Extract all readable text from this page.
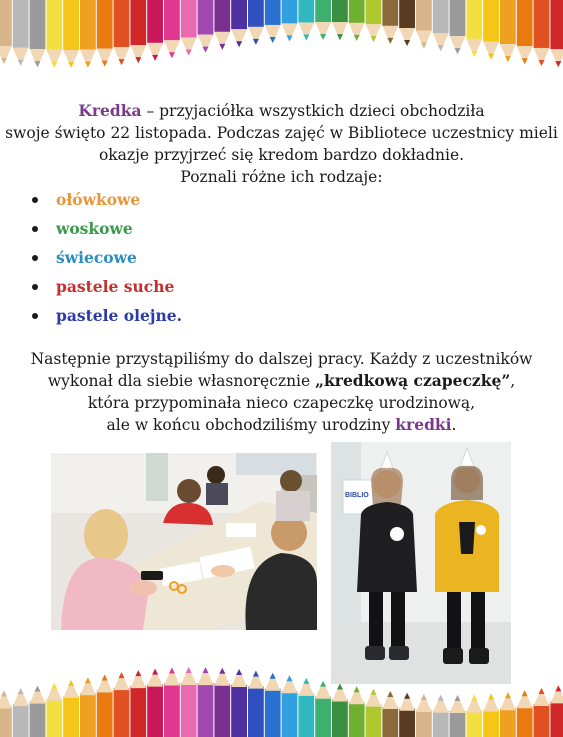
Kredka – przyjaciółka wszystkich dzieci obchodziła
swoje święto 22 listopada. Podczas zajęć w Bibliotece uczestnicy mieli
okazje przyjrzeć się kredom bardzo dokładnie.
Poznali różne ich rodzaje:
ołówkowe
woskowe
świecowe
pastele suche
pastele olejne.
Następnie przystąpiliśmy do dalszej pracy. Każdy z uczestników
wykonał dla siebie własnoręcznie „kredkową czapeczkę”,
która przypominała nieco czapeczkę urodzinową,
ale w końcu obchodziliśmy urodziny kredki.
BIBLIO
